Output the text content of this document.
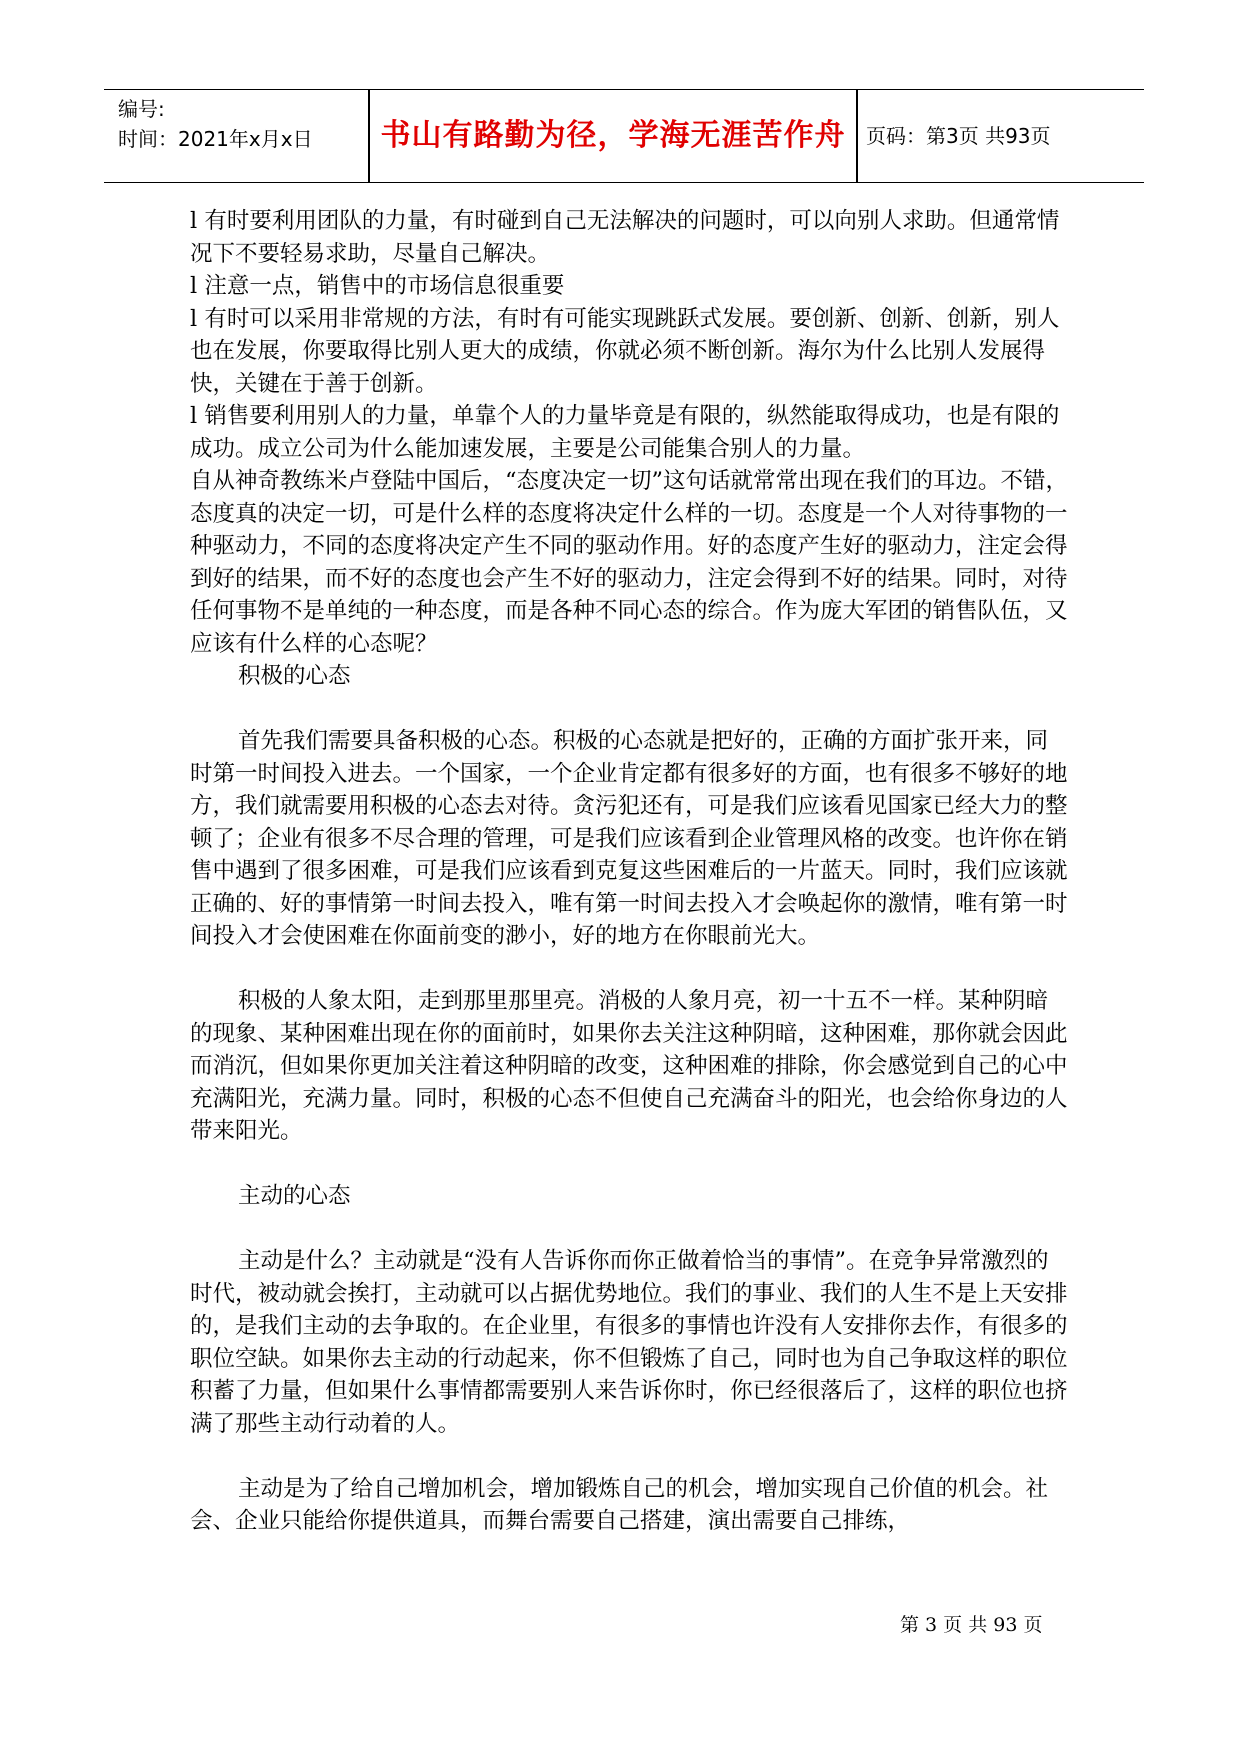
编号:
时间：2021年x月x日	书山有路勤为径，学海无涯苦作舟	页码：第3页 共93页

l 有时要利用团队的力量，有时碰到自己无法解决的问题时，可以向别人求助。但通常情况下不要轻易求助，尽量自己解决。

l 注意一点，销售中的市场信息很重要

l 有时可以采用非常规的方法，有时有可能实现跳跃式发展。要创新、创新、创新，别人也在发展，你要取得比别人更大的成绩，你就必须不断创新。海尔为什么比别人发展得快，关键在于善于创新。

l 销售要利用别人的力量，单靠个人的力量毕竟是有限的，纵然能取得成功，也是有限的成功。成立公司为什么能加速发展，主要是公司能集合别人的力量。

自从神奇教练米卢登陆中国后，“态度决定一切”这句话就常常出现在我们的耳边。不错，态度真的决定一切，可是什么样的态度将决定什么样的一切。态度是一个人对待事物的一种驱动力，不同的态度将决定产生不同的驱动作用。好的态度产生好的驱动力，注定会得到好的结果，而不好的态度也会产生不好的驱动力，注定会得到不好的结果。同时，对待任何事物不是单纯的一种态度，而是各种不同心态的综合。作为庞大军团的销售队伍，又应该有什么样的心态呢？

积极的心态

首先我们需要具备积极的心态。积极的心态就是把好的，正确的方面扩张开来，同时第一时间投入进去。一个国家，一个企业肯定都有很多好的方面，也有很多不够好的地方，我们就需要用积极的心态去对待。贪污犯还有，可是我们应该看见国家已经大力的整顿了；企业有很多不尽合理的管理，可是我们应该看到企业管理风格的改变。也许你在销售中遇到了很多困难，可是我们应该看到克复这些困难后的一片蓝天。同时，我们应该就正确的、好的事情第一时间去投入，唯有第一时间去投入才会唤起你的激情，唯有第一时间投入才会使困难在你面前变的渺小，好的地方在你眼前光大。

积极的人象太阳，走到那里那里亮。消极的人象月亮，初一十五不一样。某种阴暗的现象、某种困难出现在你的面前时，如果你去关注这种阴暗，这种困难，那你就会因此而消沉，但如果你更加关注着这种阴暗的改变，这种困难的排除，你会感觉到自己的心中充满阳光，充满力量。同时，积极的心态不但使自己充满奋斗的阳光，也会给你身边的人带来阳光。

主动的心态

主动是什么？主动就是“没有人告诉你而你正做着恰当的事情”。在竞争异常激烈的时代，被动就会挨打，主动就可以占据优势地位。我们的事业、我们的人生不是上天安排的，是我们主动的去争取的。在企业里，有很多的事情也许没有人安排你去作，有很多的职位空缺。如果你去主动的行动起来，你不但锻炼了自己，同时也为自己争取这样的职位积蓄了力量，但如果什么事情都需要别人来告诉你时，你已经很落后了，这样的职位也挤满了那些主动行动着的人。

主动是为了给自己增加机会，增加锻炼自己的机会，增加实现自己价值的机会。社会、企业只能给你提供道具，而舞台需要自己搭建，演出需要自己排练，

第 3 页 共 93 页
